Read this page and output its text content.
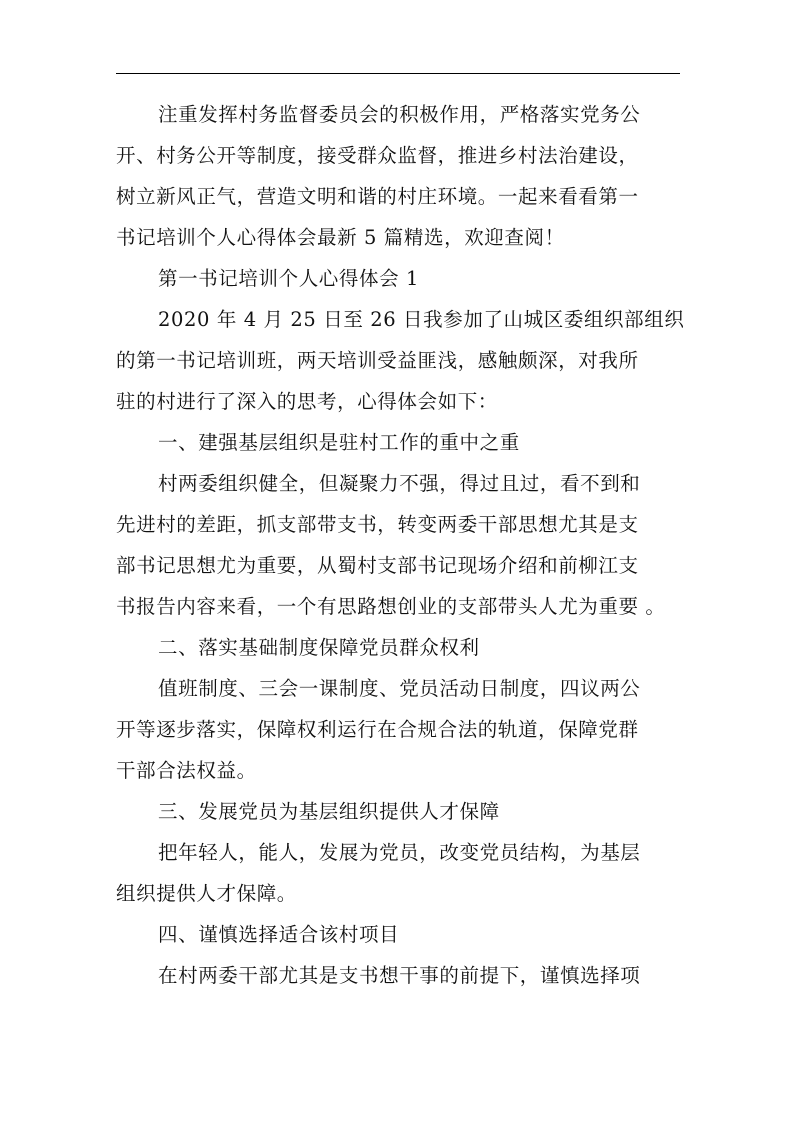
注重发挥村务监督委员会的积极作用，严格落实党务公
开、村务公开等制度，接受群众监督，推进乡村法治建设，
树立新风正气，营造文明和谐的村庄环境。一起来看看第一
书记培训个人心得体会最新 5 篇精选，欢迎查阅！
第一书记培训个人心得体会 1
2020 年 4 月 25 日至 26 日我参加了山城区委组织部组织
的第一书记培训班，两天培训受益匪浅，感触颇深，对我所
驻的村进行了深入的思考，心得体会如下：
一、建强基层组织是驻村工作的重中之重
村两委组织健全，但凝聚力不强，得过且过，看不到和
先进村的差距，抓支部带支书，转变两委干部思想尤其是支
部书记思想尤为重要，从蜀村支部书记现场介绍和前柳江支
书报告内容来看，一个有思路想创业的支部带头人尤为重要 。
二、落实基础制度保障党员群众权利
值班制度、三会一课制度、党员活动日制度，四议两公
开等逐步落实，保障权利运行在合规合法的轨道，保障党群
干部合法权益。
三、发展党员为基层组织提供人才保障
把年轻人，能人，发展为党员，改变党员结构，为基层
组织提供人才保障。
四、谨慎选择适合该村项目
在村两委干部尤其是支书想干事的前提下，谨慎选择项
